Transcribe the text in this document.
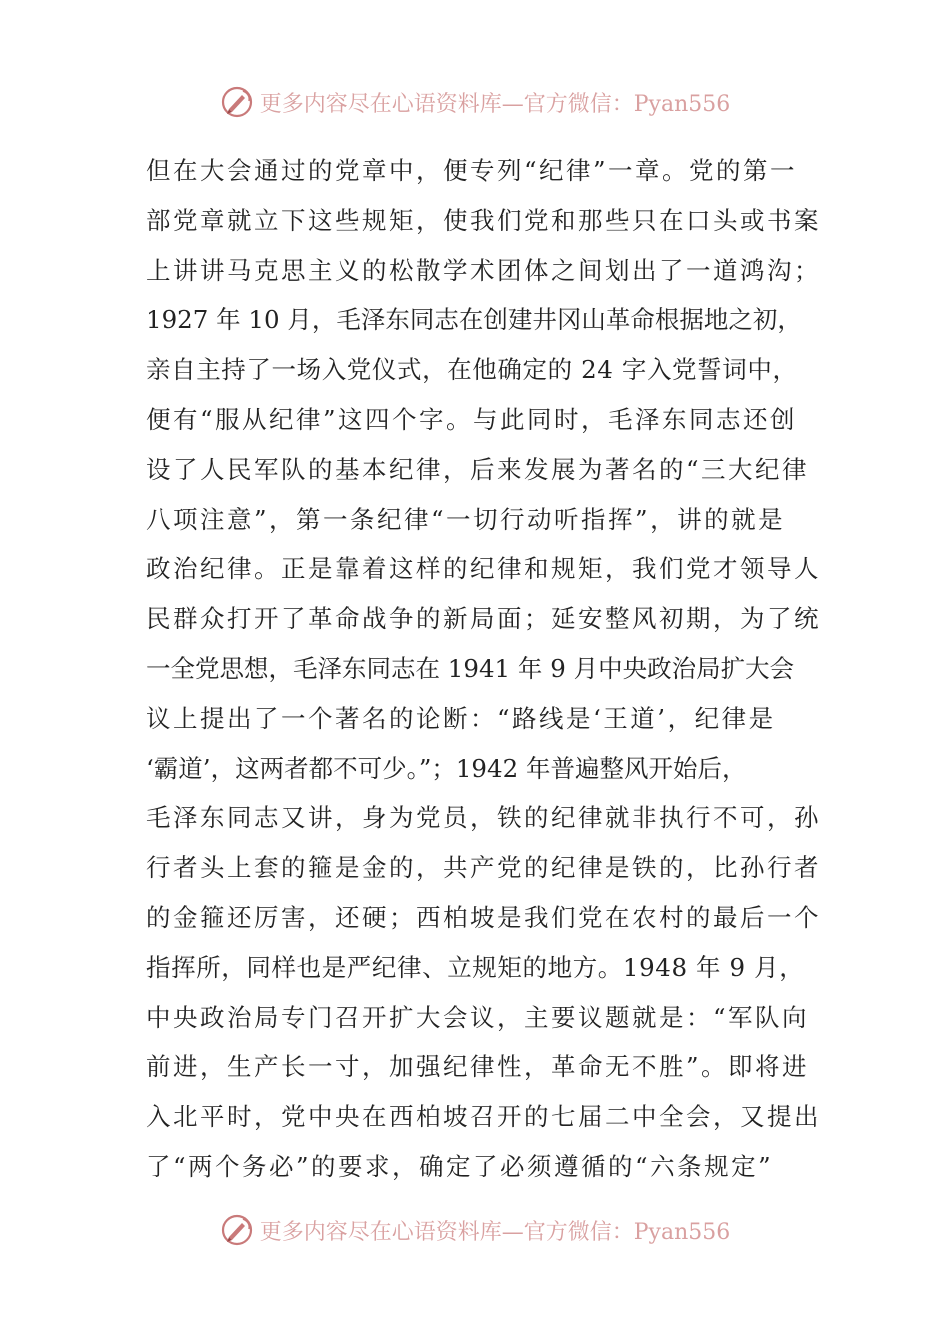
更多内容尽在心语资料库—官方微信：Pyan556
但在大会通过的党章中，便专列“纪律”一章。党的第一
部党章就立下这些规矩，使我们党和那些只在口头或书案
上讲讲马克思主义的松散学术团体之间划出了一道鸿沟；
1927 年 10 月，毛泽东同志在创建井冈山革命根据地之初，
亲自主持了一场入党仪式，在他确定的 24 字入党誓词中，
便有“服从纪律”这四个字。与此同时，毛泽东同志还创
设了人民军队的基本纪律，后来发展为著名的“三大纪律
八项注意”，第一条纪律“一切行动听指挥”，讲的就是
政治纪律。正是靠着这样的纪律和规矩，我们党才领导人
民群众打开了革命战争的新局面；延安整风初期，为了统
一全党思想，毛泽东同志在 1941 年 9 月中央政治局扩大会
议上提出了一个著名的论断：“路线是‘王道’，纪律是
‘霸道’，这两者都不可少。”；1942 年普遍整风开始后，
毛泽东同志又讲，身为党员，铁的纪律就非执行不可，孙
行者头上套的箍是金的，共产党的纪律是铁的，比孙行者
的金箍还厉害，还硬；西柏坡是我们党在农村的最后一个
指挥所，同样也是严纪律、立规矩的地方。1948 年 9 月，
中央政治局专门召开扩大会议，主要议题就是：“军队向
前进，生产长一寸，加强纪律性，革命无不胜”。即将进
入北平时，党中央在西柏坡召开的七届二中全会，又提出
了“两个务必”的要求，确定了必须遵循的“六条规定”
更多内容尽在心语资料库—官方微信：Pyan556
